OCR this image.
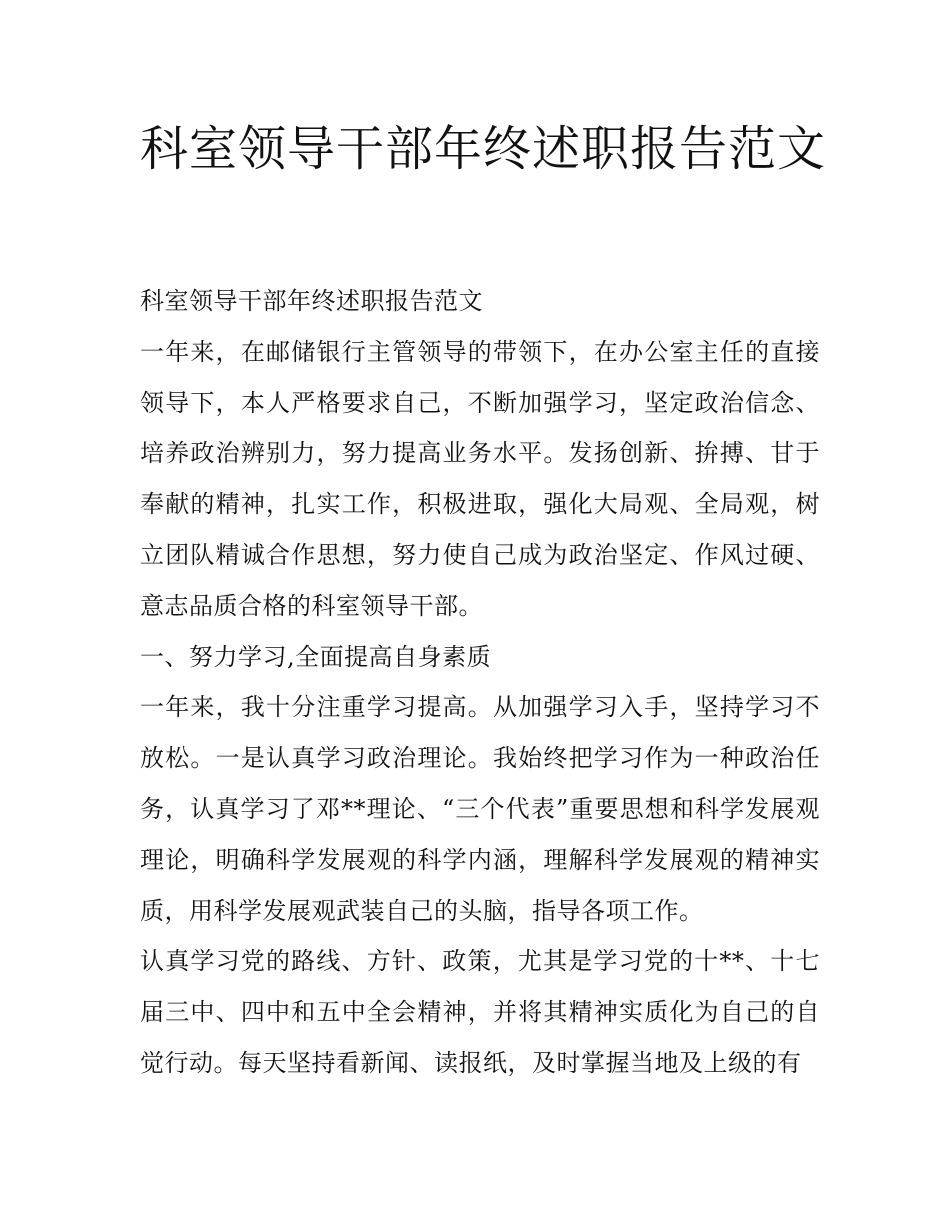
科室领导干部年终述职报告范文

科室领导干部年终述职报告范文

一年来，在邮储银行主管领导的带领下，在办公室主任的直接领导下，本人严格要求自己，不断加强学习，坚定政治信念、培养政治辨别力，努力提高业务水平。发扬创新、拚搏、甘于奉献的精神，扎实工作，积极进取，强化大局观、全局观，树立团队精诚合作思想，努力使自己成为政治坚定、作风过硬、意志品质合格的科室领导干部。

一、努力学习,全面提高自身素质

一年来，我十分注重学习提高。从加强学习入手，坚持学习不放松。一是认真学习政治理论。我始终把学习作为一种政治任务，认真学习了邓**理论、“三个代表”重要思想和科学发展观理论，明确科学发展观的科学内涵，理解科学发展观的精神实质，用科学发展观武装自己的头脑，指导各项工作。

认真学习党的路线、方针、政策，尤其是学习党的十**、十七届三中、四中和五中全会精神，并将其精神实质化为自己的自觉行动。每天坚持看新闻、读报纸，及时掌握当地及上级的有
